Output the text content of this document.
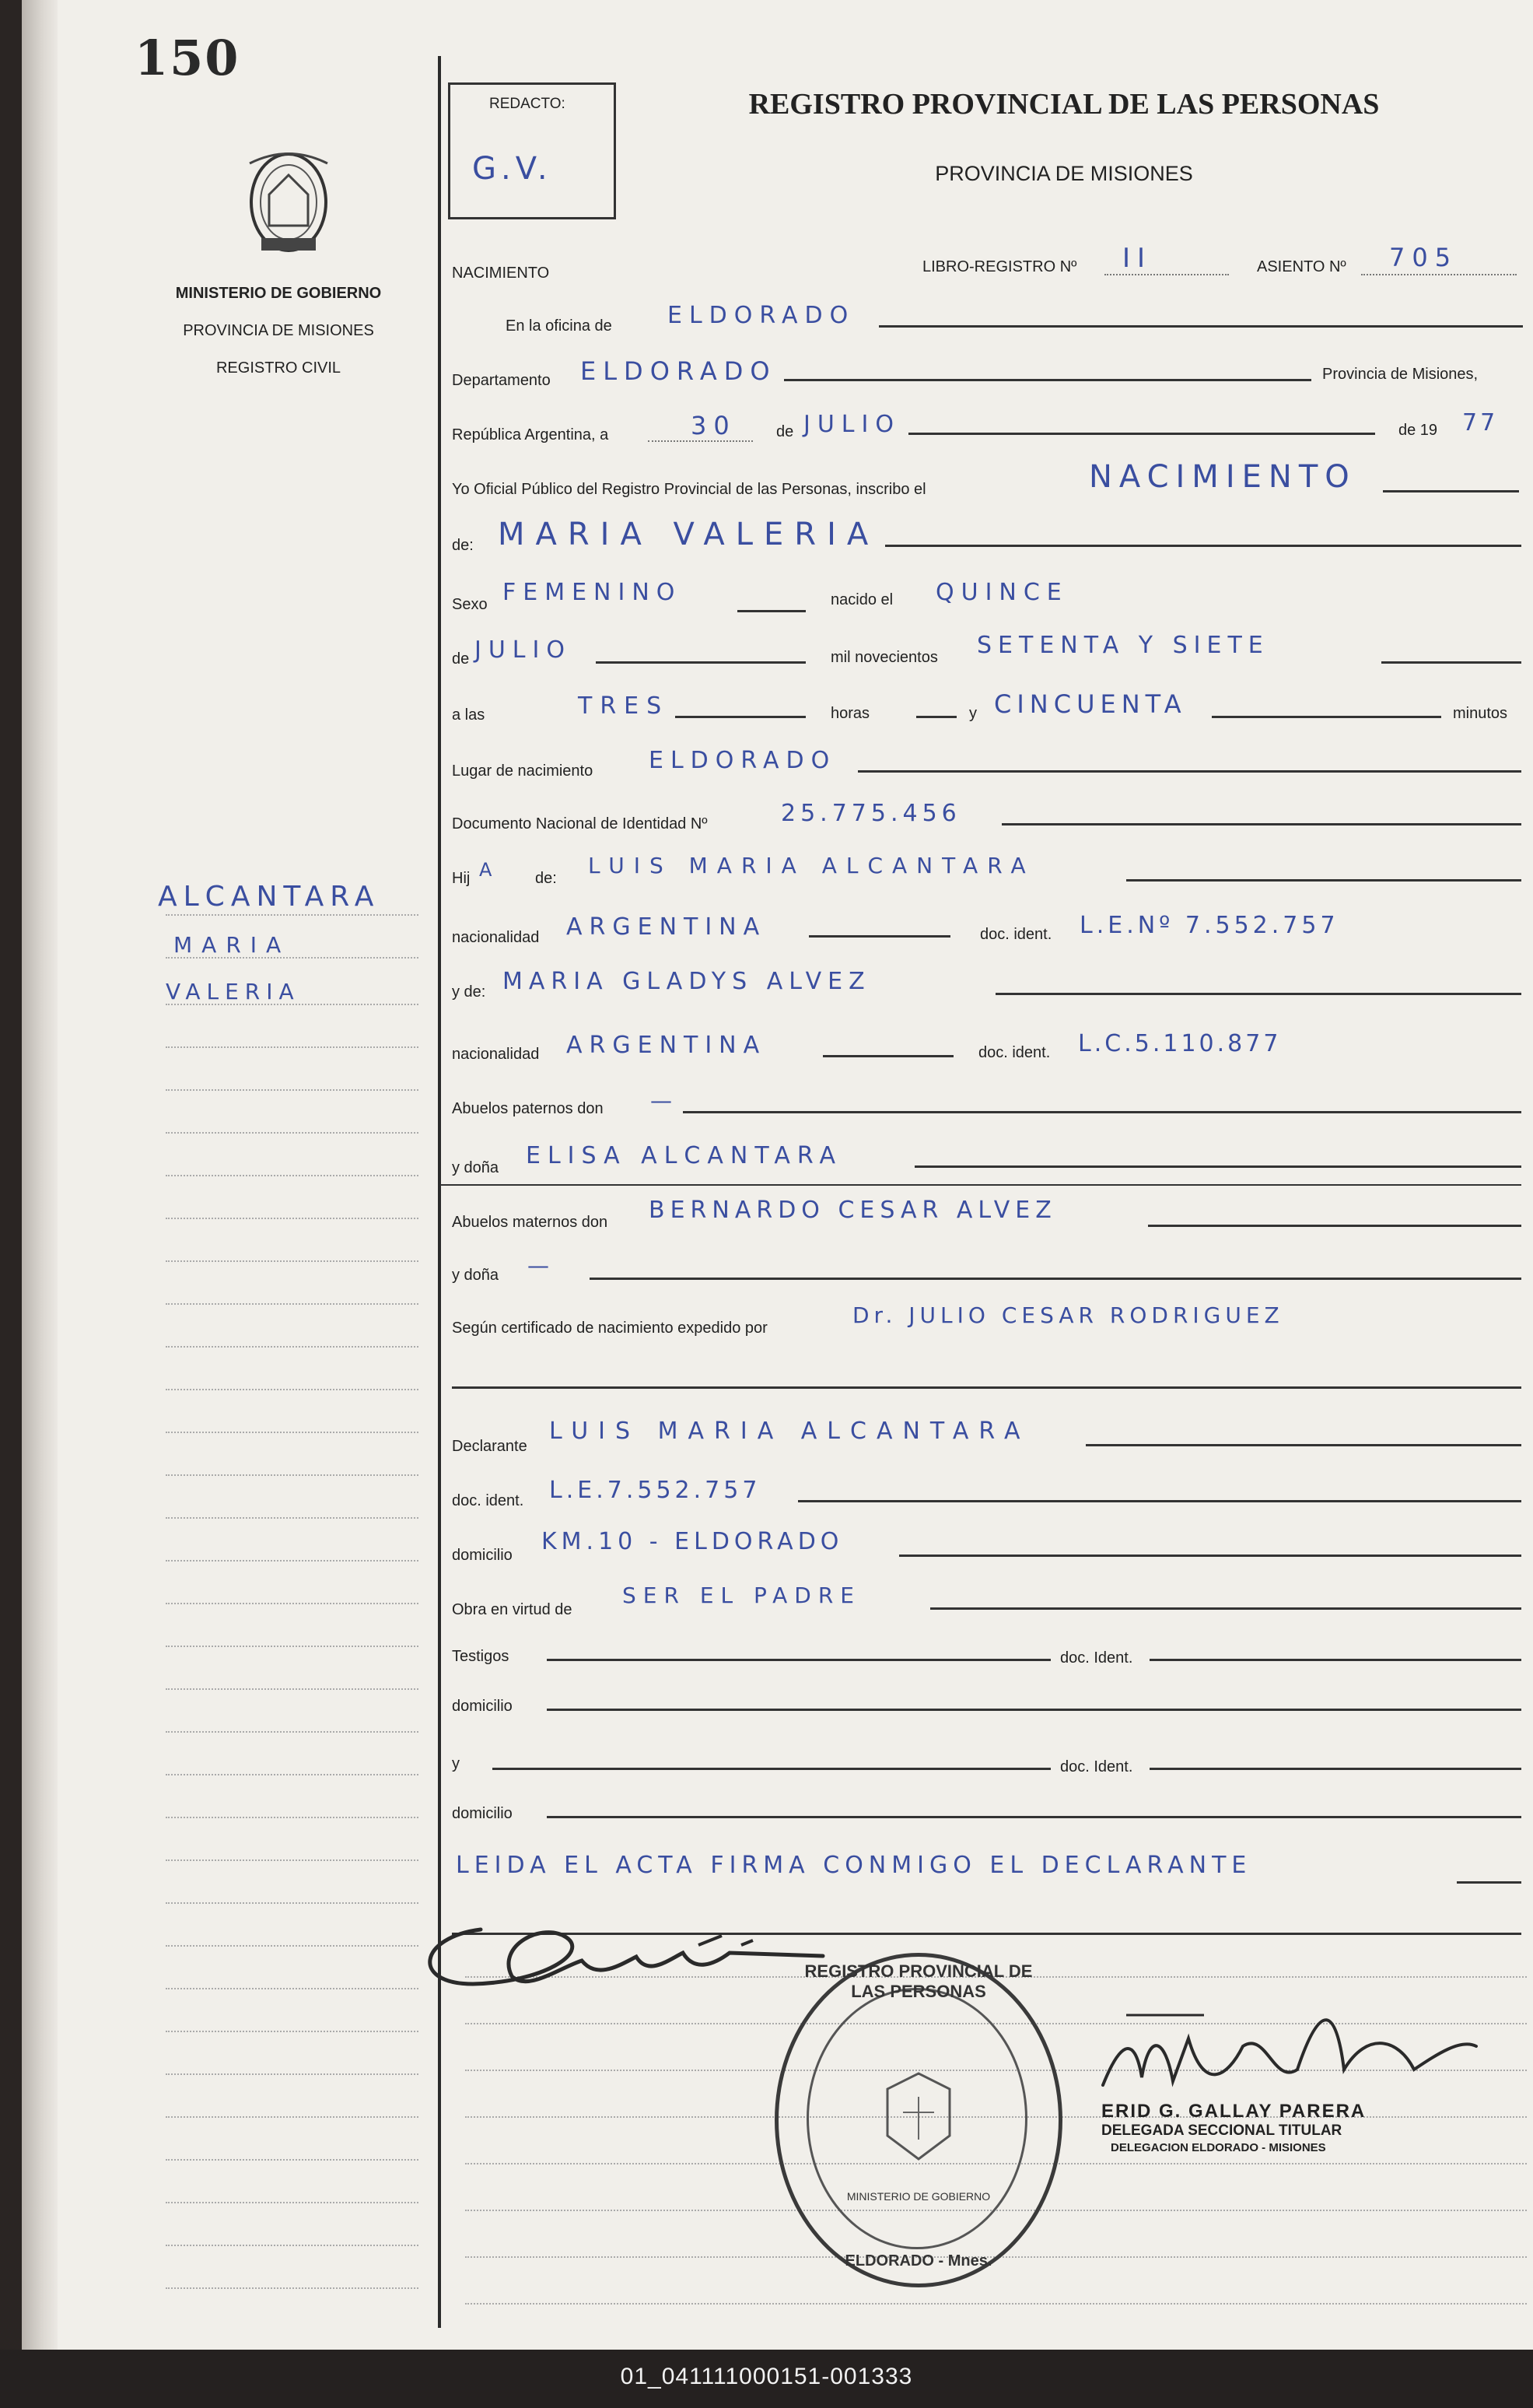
150
MINISTERIO DE GOBIERNO
PROVINCIA DE MISIONES
REGISTRO CIVIL
REDACTO:
G.V.
REGISTRO PROVINCIAL DE LAS PERSONAS
PROVINCIA DE MISIONES
ALCANTARA
MARIA
VALERIA
NACIMIENTO	LIBRO-REGISTRO Nº II	ASIENTO Nº 705
En la oficina de ELDORADO
Departamento ELDORADO	Provincia de Misiones,
República Argentina, a	30	de JULIO	de 19 77
Yo Oficial Público del Registro Provincial de las Personas, inscribo el	NACIMIENTO
de: MARIA VALERIA
Sexo FEMENINO	nacido el QUINCE
de JULIO	mil novecientos SETENTA Y SIETE
a las	TRES	horas	y CINCUENTA	minutos
Lugar de nacimiento ELDORADO
Documento Nacional de Identidad Nº	25.775.456
Hij A de: LUIS MARIA ALCANTARA
nacionalidad ARGENTINA	doc. ident. L.E.Nº 7.552.757
y de: MARIA GLADYS ALVEZ
nacionalidad ARGENTINA	doc. ident. L.C.5.110.877
Abuelos paternos don —
y doña ELISA ALCANTARA
Abuelos maternos don BERNARDO CESAR ALVEZ
y doña —
Según certificado de nacimiento expedido por	Dr. JULIO CESAR RODRIGUEZ
Declarante
LUIS MARIA ALCANTARA
doc. ident. L.E.7.552.757
domicilio KM.10 - ELDORADO
Obra en virtud de
SER EL PADRE
Testigos	doc. Ident.
domicilio
y	doc. Ident.
domicilio
LEIDA EL ACTA FIRMA CONMIGO EL DECLARANTE
REGISTRO PROVINCIAL DE LAS PERSONAS
MINISTERIO DE GOBIERNO
ELDORADO - Mnes.
ERID G. GALLAY PARERA
DELEGADA SECCIONAL TITULAR
DELEGACION ELDORADO - MISIONES
01_041111000151-001333
